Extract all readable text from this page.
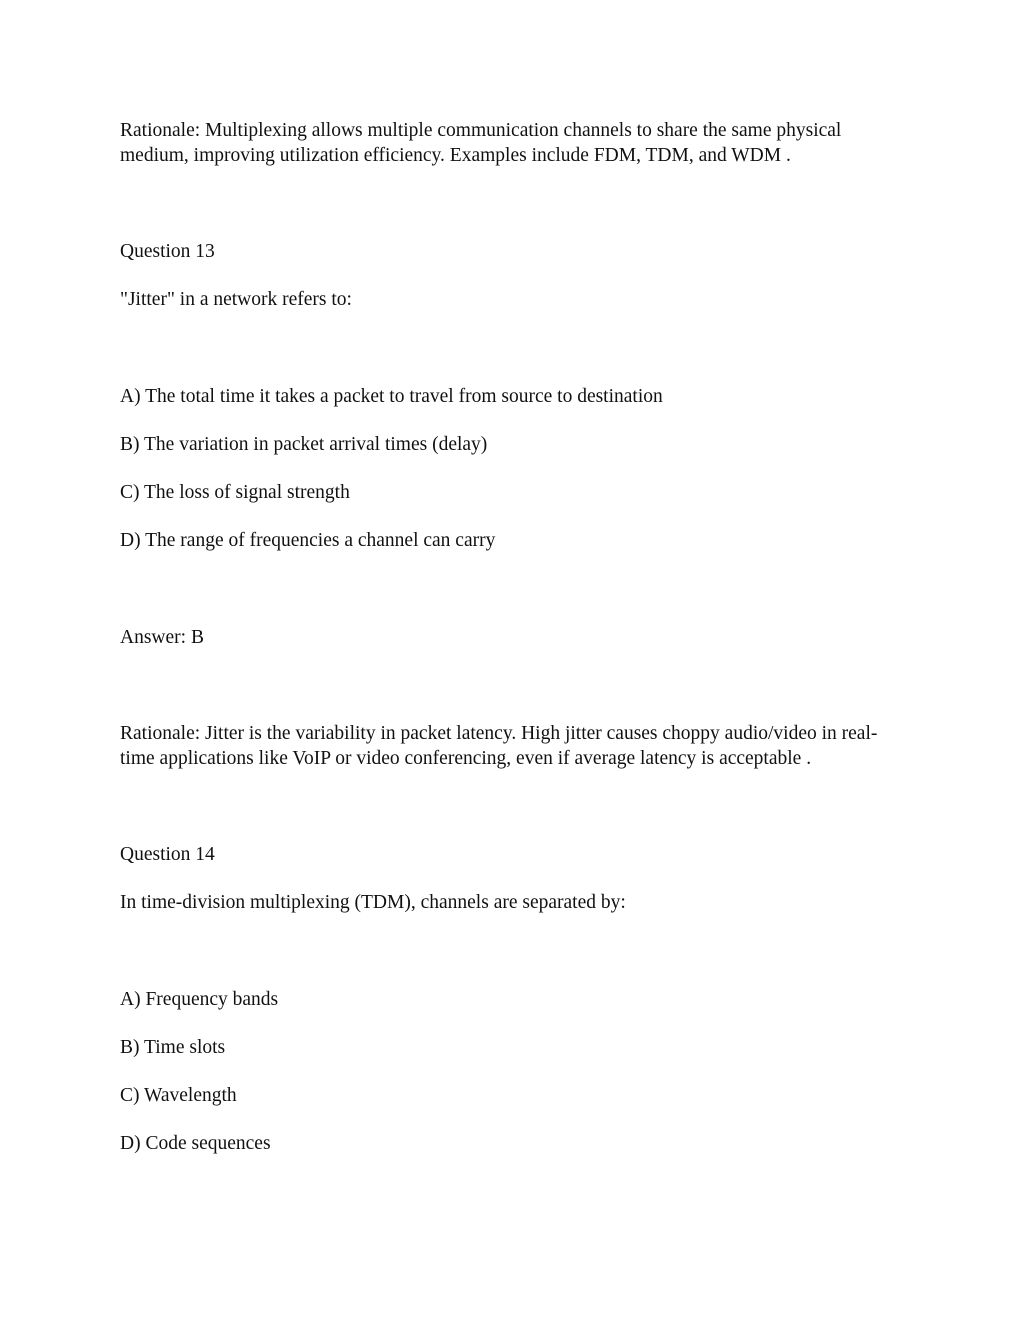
Rationale: Multiplexing allows multiple communication channels to share the same physical
medium, improving utilization efficiency. Examples include FDM, TDM, and WDM .
Question 13
"Jitter" in a network refers to:
A) The total time it takes a packet to travel from source to destination
B) The variation in packet arrival times (delay)
C) The loss of signal strength
D) The range of frequencies a channel can carry
Answer: B
Rationale: Jitter is the variability in packet latency. High jitter causes choppy audio/video in real-
time applications like VoIP or video conferencing, even if average latency is acceptable .
Question 14
In time-division multiplexing (TDM), channels are separated by:
A) Frequency bands
B) Time slots
C) Wavelength
D) Code sequences
